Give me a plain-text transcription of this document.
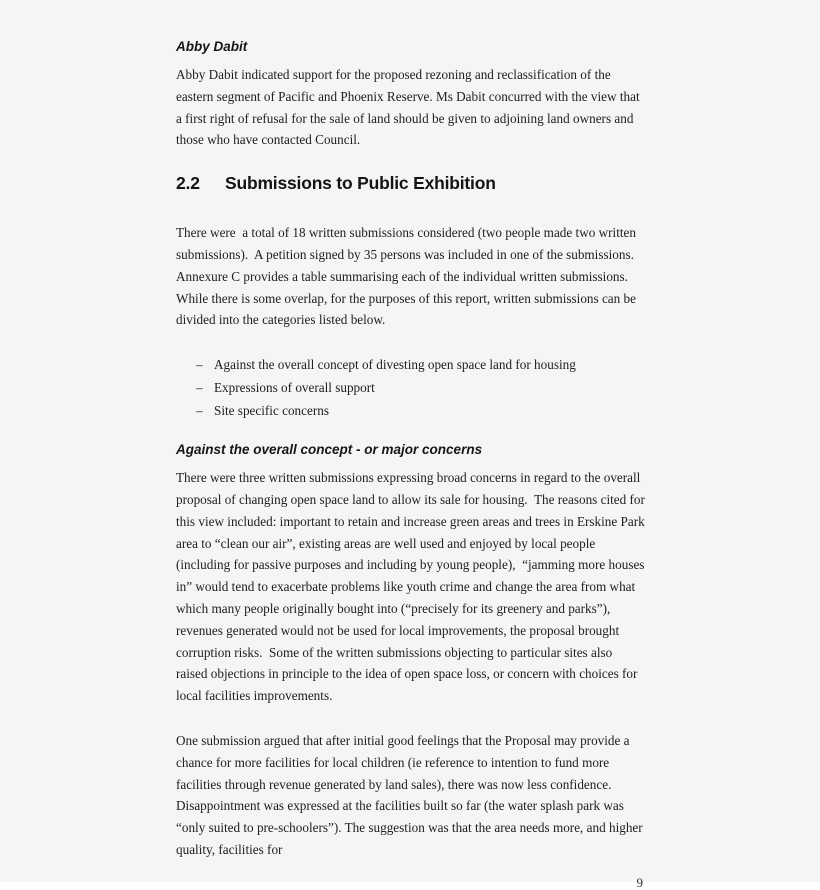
Abby Dabit

Abby Dabit indicated support for the proposed rezoning and reclassification of the eastern segment of Pacific and Phoenix Reserve. Ms Dabit concurred with the view that a first right of refusal for the sale of land should be given to adjoining land owners and those who have contacted Council.

2.2	Submissions to Public Exhibition

There were  a total of 18 written submissions considered (two people made two written submissions).  A petition signed by 35 persons was included in one of the submissions. Annexure C provides a table summarising each of the individual written submissions. While there is some overlap, for the purposes of this report, written submissions can be divided into the categories listed below.

– Against the overall concept of divesting open space land for housing
– Expressions of overall support
– Site specific concerns
Against the overall concept - or major concerns

There were three written submissions expressing broad concerns in regard to the overall proposal of changing open space land to allow its sale for housing.  The reasons cited for this view included: important to retain and increase green areas and trees in Erskine Park area to “clean our air”, existing areas are well used and enjoyed by local people (including for passive purposes and including by young people),  “jamming more houses in” would tend to exacerbate problems like youth crime and change the area from what which many people originally bought into (“precisely for its greenery and parks”), revenues generated would not be used for local improvements, the proposal brought corruption risks.  Some of the written submissions objecting to particular sites also raised objections in principle to the idea of open space loss, or concern with choices for local facilities improvements.

One submission argued that after initial good feelings that the Proposal may provide a chance for more facilities for local children (ie reference to intention to fund more facilities through revenue generated by land sales), there was now less confidence.  Disappointment was expressed at the facilities built so far (the water splash park was “only suited to pre-schoolers”). The suggestion was that the area needs more, and higher quality, facilities for

9
